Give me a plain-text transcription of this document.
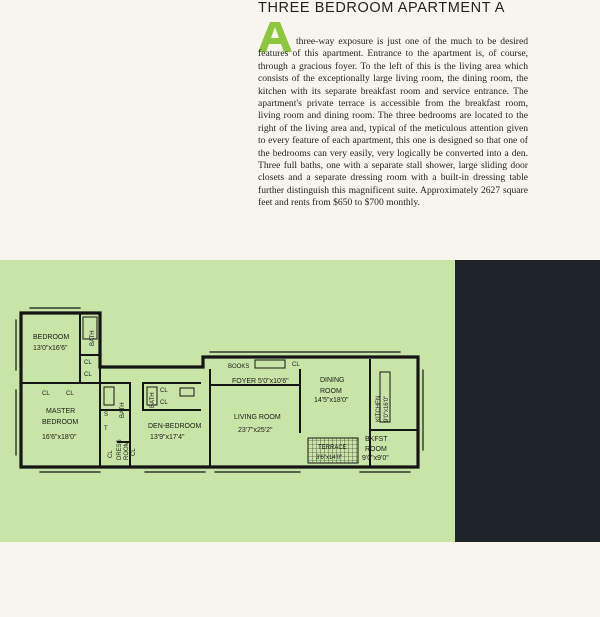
THREE BEDROOM APARTMENT A
three-way exposure is just one of the much to be desired features of this apartment. Entrance to the apartment is, of course, through a gracious foyer. To the left of this is the living area which consists of the exceptionally large living room, the dining room, the kitchen with its separate breakfast room and service entrance. The apartment's private terrace is accessible from the breakfast room, living room and dining room. The three bedrooms are located to the right of the living area and, typical of the meticulous attention given to every feature of each apartment, this one is designed so that one of the bedrooms can very easily, very logically be converted into a den. Three full baths, one with a separate stall shower, large sliding door closets and a separate dressing room with a built-in dressing table further distinguish this magnificent suite. Approximately 2627 square feet and rents from $650 to $700 monthly.
BEDROOM
13'0"x16'6"
BATH
CL
CL
CL	CL
MASTER
BEDROOM
16'6"x18'0"
S
T
BATH
BATH
CL
CL
CL DRESS ROOM CL
DEN-BEDROOM
13'9"x17'4"
BOOKS	CL
FOYER 5'0"x10'6"
LIVING ROOM
23'7"x25'2"
DINING
ROOM
14'5"x18'0"	KITCHEN 9'0"x16'0"
TERRACE
3'6"x14'0"
BKFST
ROOM
9'0"x9'0"
